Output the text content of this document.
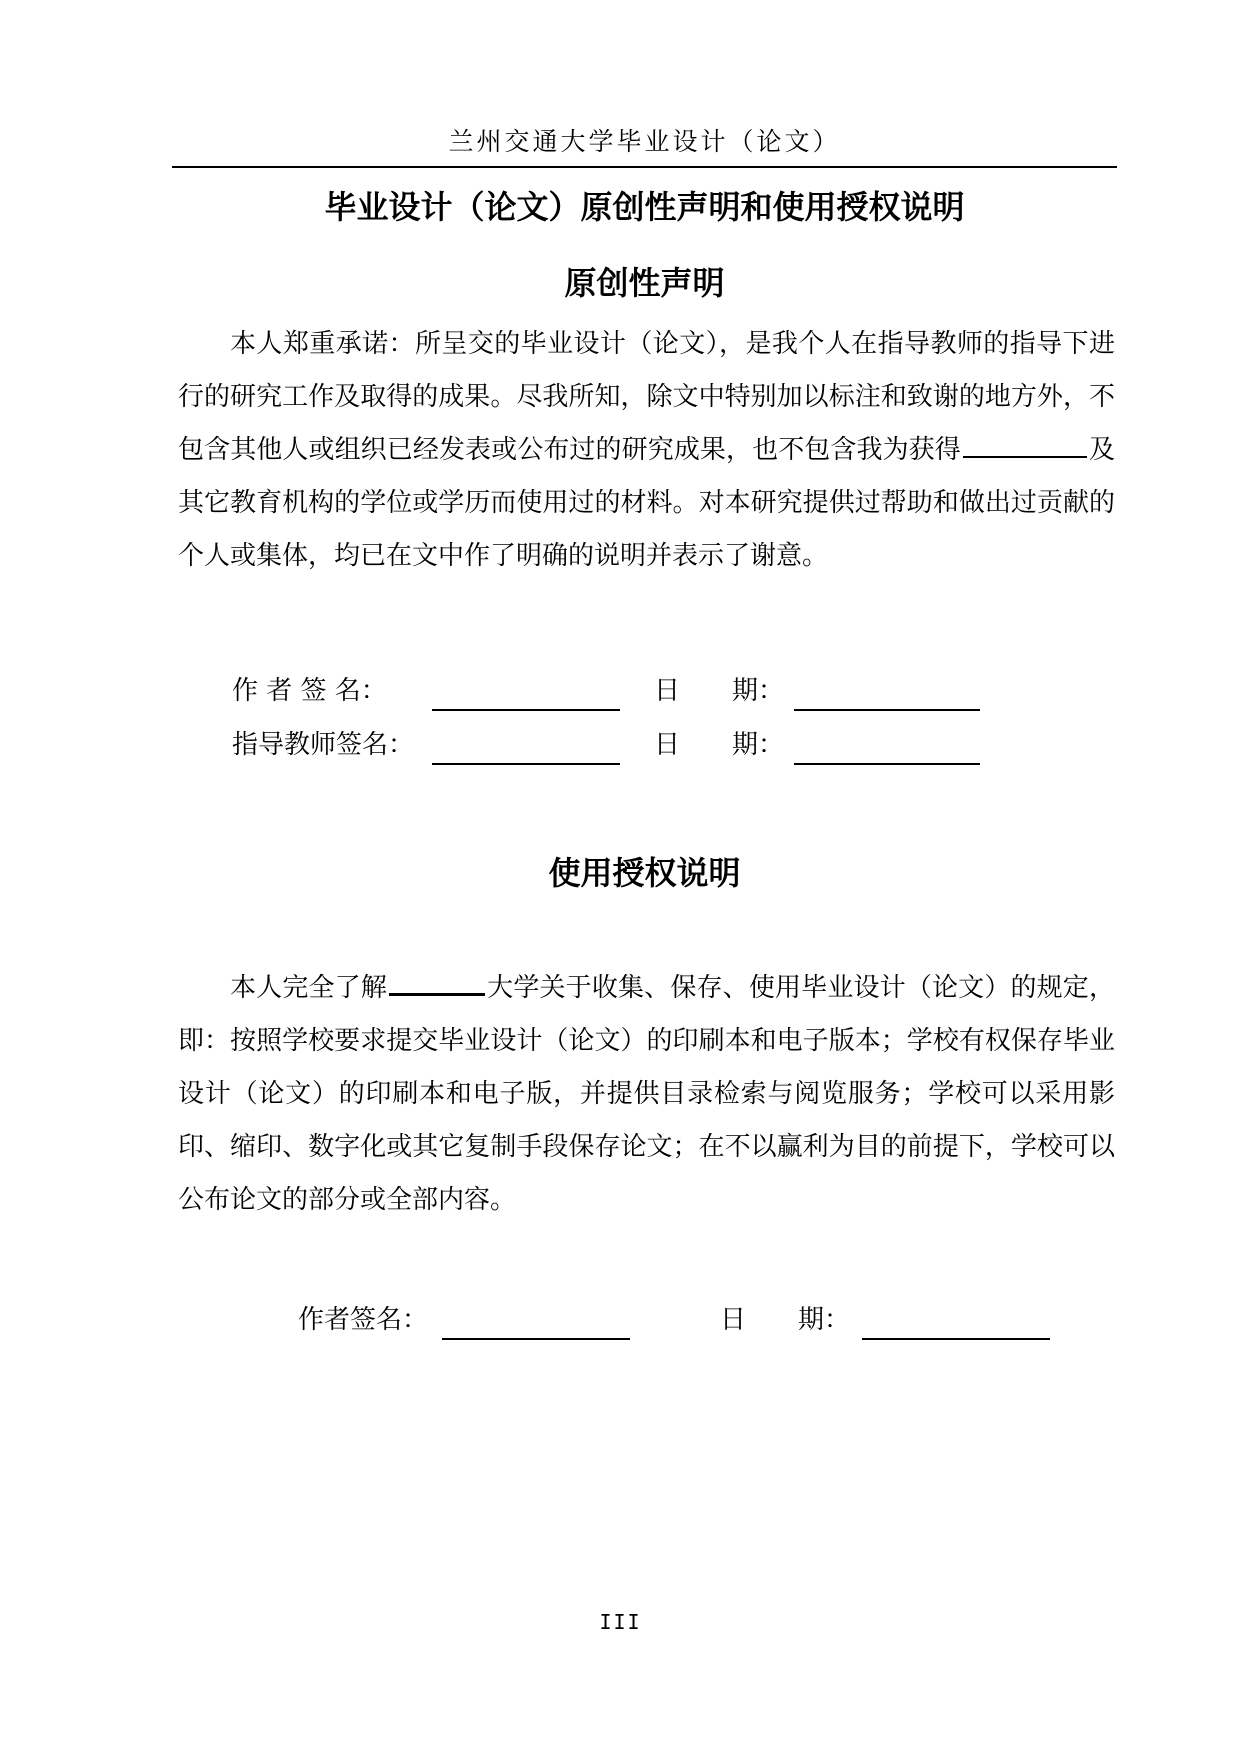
兰州交通大学毕业设计（论文）
毕业设计（论文）原创性声明和使用授权说明
原创性声明

本人郑重承诺：所呈交的毕业设计（论文），是我个人在指导教师的指导下进行的研究工作及取得的成果。尽我所知，除文中特别加以标注和致谢的地方外，不包含其他人或组织已经发表或公布过的研究成果，也不包含我为获得	及其它教育机构的学位或学历而使用过的材料。对本研究提供过帮助和做出过贡献的个人或集体，均已在文中作了明确的说明并表示了谢意。

作 者 签 名：	日　　期：
指导教师签名：	日　　期：
使用授权说明

本人完全了解	大学关于收集、保存、使用毕业设计（论文）的规定，即：按照学校要求提交毕业设计（论文）的印刷本和电子版本；学校有权保存毕业设计（论文）的印刷本和电子版，并提供目录检索与阅览服务；学校可以采用影印、缩印、数字化或其它复制手段保存论文；在不以赢利为目的前提下，学校可以公布论文的部分或全部内容。

作者签名：	日　　期：
III
